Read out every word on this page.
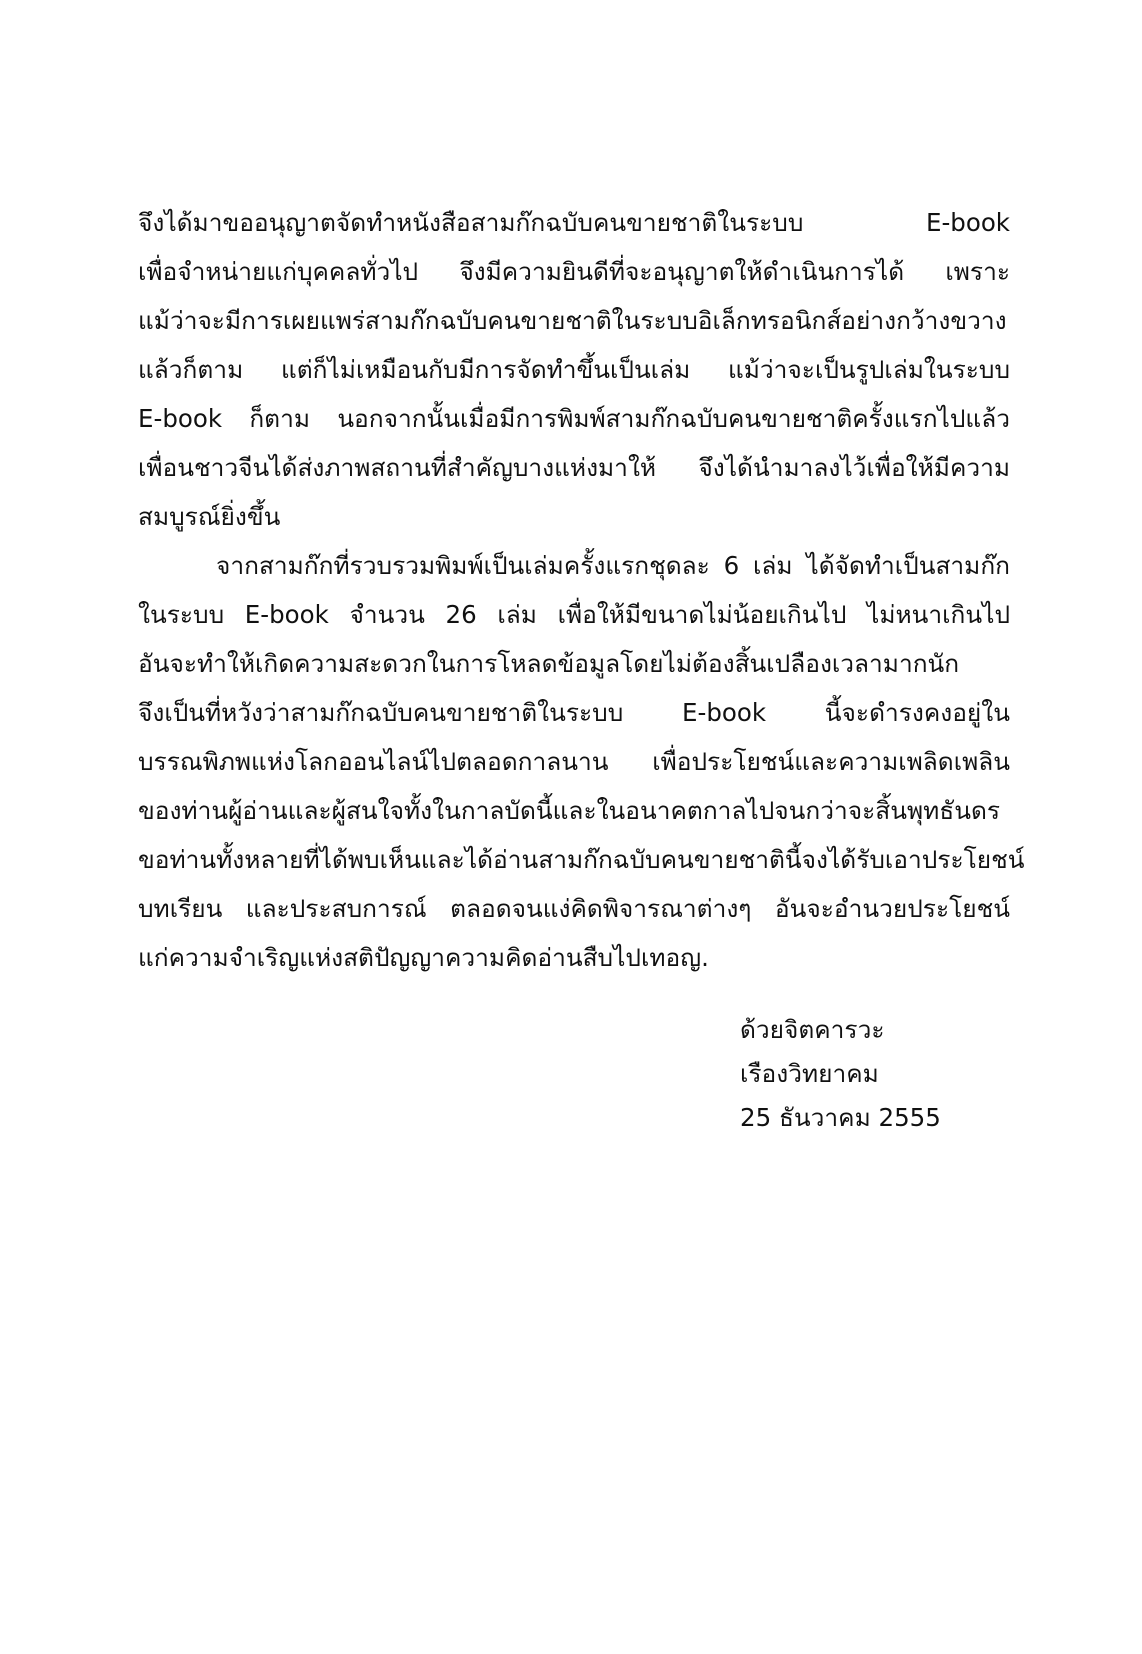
จึงได้มาขออนุญาตจัดทำหนังสือสามก๊กฉบับคนขายชาติในระบบ E-book
เพื่อจำหน่ายแก่บุคคลทั่วไป จึงมีความยินดีที่จะอนุญาตให้ดำเนินการได้ เพราะ
แม้ว่าจะมีการเผยแพร่สามก๊กฉบับคนขายชาติในระบบอิเล็กทรอนิกส์อย่างกว้างขวาง
แล้วก็ตาม แต่ก็ไม่เหมือนกับมีการจัดทำขึ้นเป็นเล่ม แม้ว่าจะเป็นรูปเล่มในระบบ
E-book ก็ตาม นอกจากนั้นเมื่อมีการพิมพ์สามก๊กฉบับคนขายชาติครั้งแรกไปแล้ว
เพื่อนชาวจีนได้ส่งภาพสถานที่สำคัญบางแห่งมาให้ จึงได้นำมาลงไว้เพื่อให้มีความ
สมบูรณ์ยิ่งขึ้น
จากสามก๊กที่รวบรวมพิมพ์เป็นเล่มครั้งแรกชุดละ 6 เล่ม ได้จัดทำเป็นสามก๊ก
ในระบบ E-book จำนวน 26 เล่ม เพื่อให้มีขนาดไม่น้อยเกินไป ไม่หนาเกินไป
อันจะทำให้เกิดความสะดวกในการโหลดข้อมูลโดยไม่ต้องสิ้นเปลืองเวลามากนัก
จึงเป็นที่หวังว่าสามก๊กฉบับคนขายชาติในระบบ E-book นี้จะดำรงคงอยู่ใน
บรรณพิภพแห่งโลกออนไลน์ไปตลอดกาลนาน เพื่อประโยชน์และความเพลิดเพลิน
ของท่านผู้อ่านและผู้สนใจทั้งในกาลบัดนี้และในอนาคตกาลไปจนกว่าจะสิ้นพุทธันดร
ขอท่านทั้งหลายที่ได้พบเห็นและได้อ่านสามก๊กฉบับคนขายชาตินี้จงได้รับเอาประโยชน์
บทเรียน และประสบการณ์ ตลอดจนแง่คิดพิจารณาต่างๆ อันจะอำนวยประโยชน์
แก่ความจำเริญแห่งสติปัญญาความคิดอ่านสืบไปเทอญ.
ด้วยจิตคารวะ
เรืองวิทยาคม
25 ธันวาคม 2555
